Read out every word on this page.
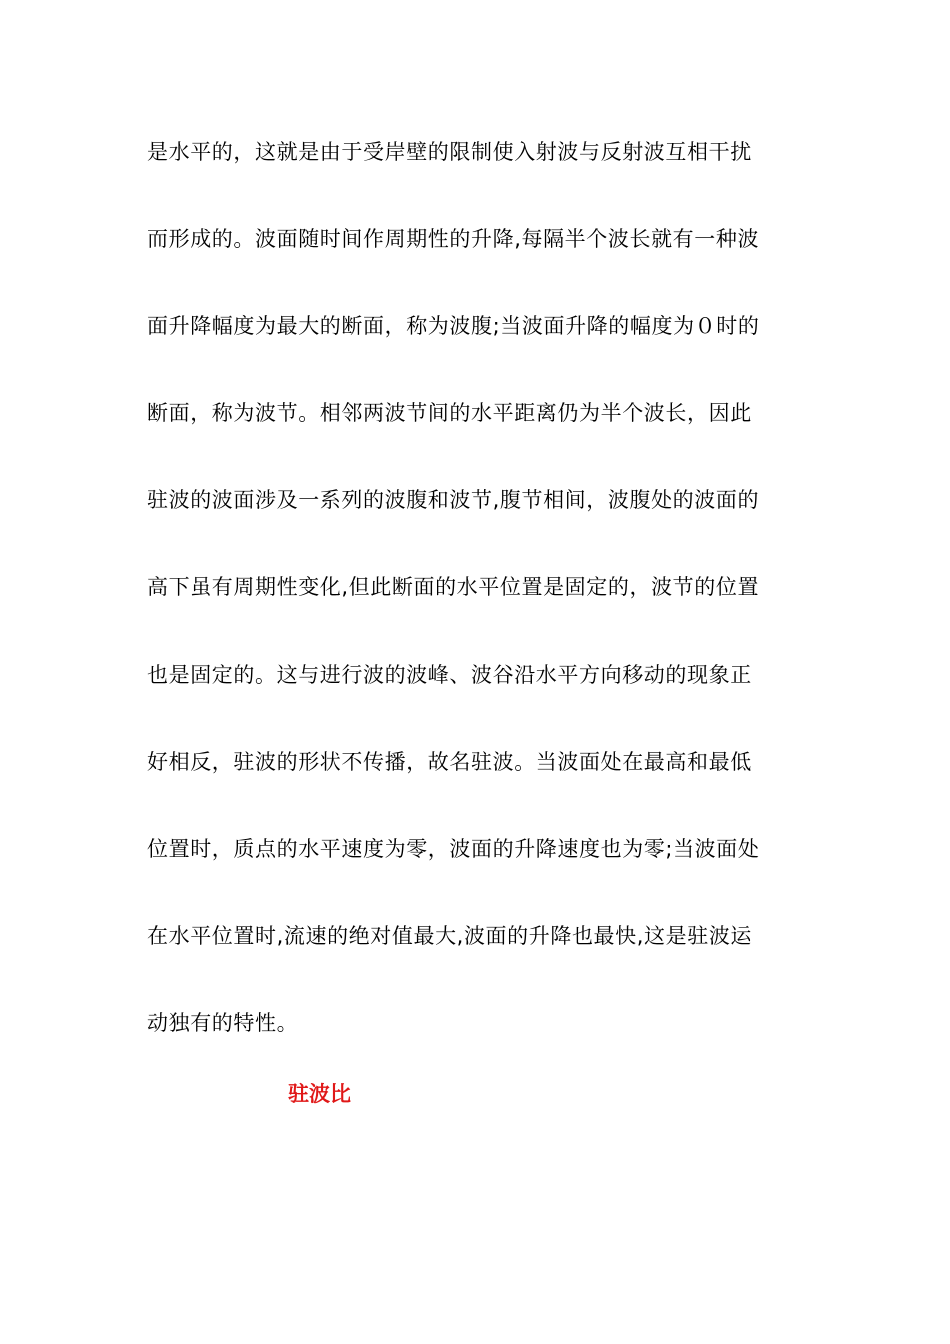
是水平的，这就是由于受岸壁的限制使入射波与反射波互相干扰
而形成的。波面随时间作周期性的升降,每隔半个波长就有一种波
面升降幅度为最大的断面，称为波腹;当波面升降的幅度为０时的
断面，称为波节。相邻两波节间的水平距离仍为半个波长，因此
驻波的波面涉及一系列的波腹和波节,腹节相间，波腹处的波面的
高下虽有周期性变化,但此断面的水平位置是固定的，波节的位置
也是固定的。这与进行波的波峰、波谷沿水平方向移动的现象正
好相反，驻波的形状不传播，故名驻波。当波面处在最高和最低
位置时，质点的水平速度为零，波面的升降速度也为零;当波面处
在水平位置时,流速的绝对值最大,波面的升降也最快,这是驻波运
动独有的特性。
驻波比
